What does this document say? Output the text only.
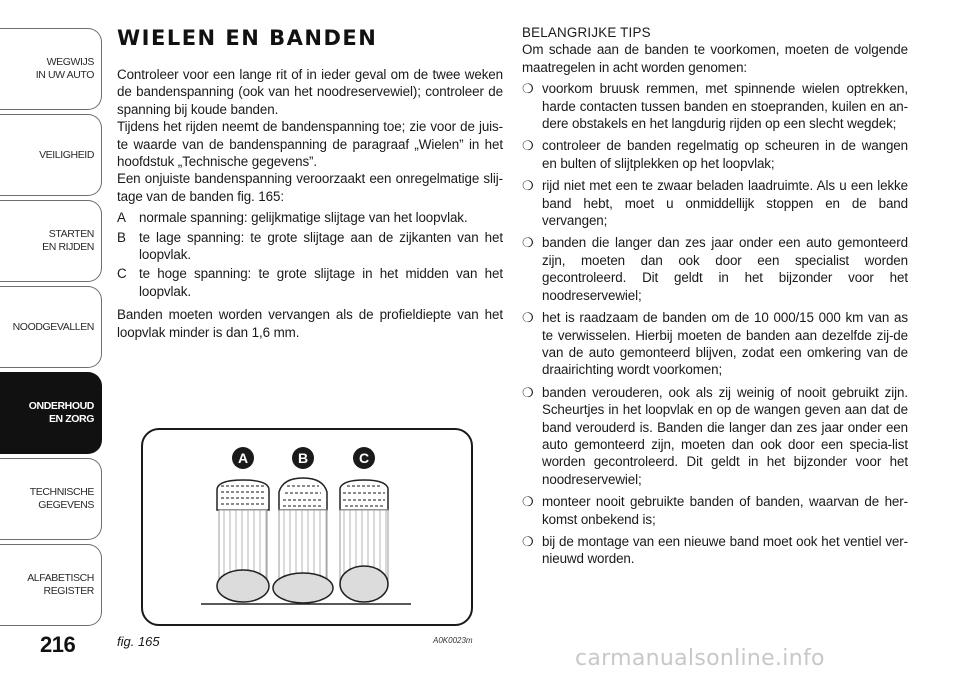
WEGWIJS
IN UW AUTO
VEILIGHEID
STARTEN
EN RIJDEN
NOODGEVALLEN
ONDERHOUD
EN ZORG
TECHNISCHE
GEGEVENS
ALFABETISCH
REGISTER
216
WIELEN EN BANDEN

Controleer voor een lange rit of in ieder geval om de twee weken de bandenspanning (ook van het noodreservewiel); controleer de spanning bij koude banden.

Tijdens het rijden neemt de bandenspanning toe; zie voor de juis-te waarde van de bandenspanning de paragraaf „Wielen” in het hoofdstuk „Technische gegevens”.

Een onjuiste bandenspanning veroorzaakt een onregelmatige slij-tage van de banden fig. 165:

A normale spanning: gelijkmatige slijtage van het loopvlak.
B te lage spanning: te grote slijtage aan de zijkanten van het loopvlak.
C te hoge spanning: te grote slijtage in het midden van het loopvlak.

Banden moeten worden vervangen als de profieldiepte van het loopvlak minder is dan 1,6 mm.

A	B	C
fig. 165	A0K0023m

BELANGRIJKE TIPS

Om schade aan de banden te voorkomen, moeten de volgende maatregelen in acht worden genomen:

❍ voorkom bruusk remmen, met spinnende wielen optrekken, harde contacten tussen banden en stoepranden, kuilen en an-dere obstakels en het langdurig rijden op een slecht wegdek;
❍ controleer de banden regelmatig op scheuren in de wangen en bulten of slijtplekken op het loopvlak;
❍ rijd niet met een te zwaar beladen laadruimte. Als u een lekke band hebt, moet u onmiddellijk stoppen en de band vervangen;
❍ banden die langer dan zes jaar onder een auto gemonteerd zijn, moeten dan ook door een specialist worden gecontroleerd. Dit geldt in het bijzonder voor het noodreservewiel;
❍ het is raadzaam de banden om de 10 000/15 000 km van as te verwisselen. Hierbij moeten de banden aan dezelfde zij-de van de auto gemonteerd blijven, zodat een omkering van de draairichting wordt voorkomen;
❍ banden verouderen, ook als zij weinig of nooit gebruikt zijn. Scheurtjes in het loopvlak en op de wangen geven aan dat de band verouderd is. Banden die langer dan zes jaar onder een auto gemonteerd zijn, moeten dan ook door een specia-list worden gecontroleerd. Dit geldt in het bijzonder voor het noodreservewiel;
❍ monteer nooit gebruikte banden of banden, waarvan de her-komst onbekend is;
❍ bij de montage van een nieuwe band moet ook het ventiel ver-nieuwd worden.
carmanualsonline.info
